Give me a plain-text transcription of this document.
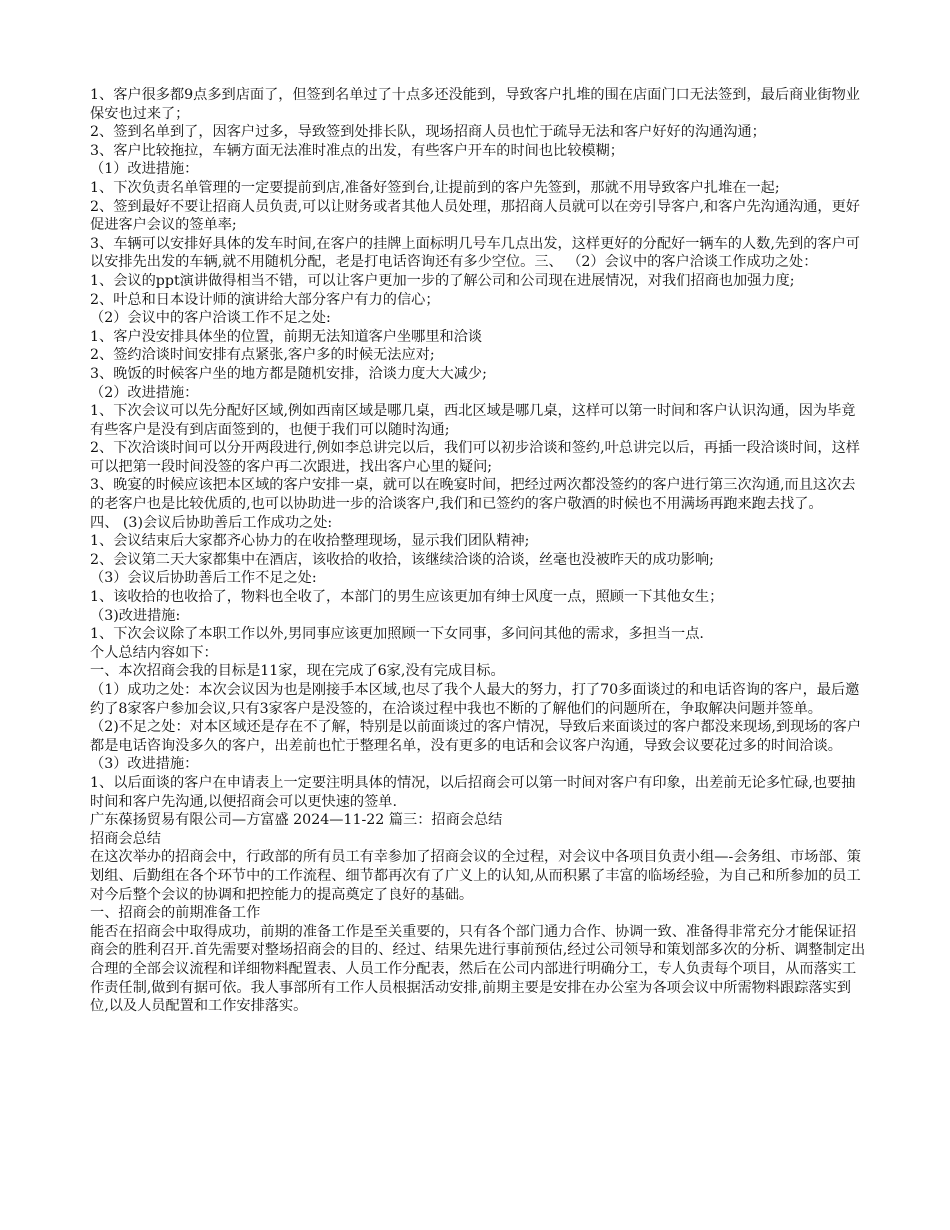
1、客户很多都9点多到店面了，但签到名单过了十点多还没能到，导致客户扎堆的围在店面门口无法签到，最后商业街物业保安也过来了；

2、签到名单到了，因客户过多，导致签到处排长队，现场招商人员也忙于疏导无法和客户好好的沟通沟通；

3、客户比较拖拉，车辆方面无法准时准点的出发，有些客户开车的时间也比较模糊；

（1）改进措施：

1、下次负责名单管理的一定要提前到店,准备好签到台,让提前到的客户先签到，那就不用导致客户扎堆在一起;

2、签到最好不要让招商人员负责,可以让财务或者其他人员处理，那招商人员就可以在旁引导客户,和客户先沟通沟通，更好促进客户会议的签单率;

3、车辆可以安排好具体的发车时间,在客户的挂牌上面标明几号车几点出发，这样更好的分配好一辆车的人数,先到的客户可以安排先出发的车辆,就不用随机分配，老是打电话咨询还有多少空位。三、 （2）会议中的客户洽谈工作成功之处：

1、会议的ppt演讲做得相当不错，可以让客户更加一步的了解公司和公司现在进展情况，对我们招商也加强力度;

2、叶总和日本设计师的演讲给大部分客户有力的信心；

（2）会议中的客户洽谈工作不足之处:

1、客户没安排具体坐的位置，前期无法知道客户坐哪里和洽谈

2、签约洽谈时间安排有点紧张,客户多的时候无法应对;

3、晚饭的时候客户坐的地方都是随机安排，洽谈力度大大减少;

（2）改进措施：

1、下次会议可以先分配好区域,例如西南区域是哪几桌，西北区域是哪几桌，这样可以第一时间和客户认识沟通，因为毕竟有些客户是没有到店面签到的，也便于我们可以随时沟通;

2、下次洽谈时间可以分开两段进行,例如李总讲完以后，我们可以初步洽谈和签约,叶总讲完以后，再插一段洽谈时间，这样可以把第一段时间没签的客户再二次跟进，找出客户心里的疑问;

3、晚宴的时候应该把本区域的客户安排一桌，就可以在晚宴时间，把经过两次都没签约的客户进行第三次沟通,而且这次去的老客户也是比较优质的,也可以协助进一步的洽谈客户,我们和已签约的客户敬酒的时候也不用满场再跑来跑去找了。

四、 (3)会议后协助善后工作成功之处:

1、会议结束后大家都齐心协力的在收拾整理现场，显示我们团队精神;

2、会议第二天大家都集中在酒店，该收拾的收拾，该继续洽谈的洽谈，丝毫也没被昨天的成功影响;

（3）会议后协助善后工作不足之处:

1、该收拾的也收拾了，物料也全收了，本部门的男生应该更加有绅士风度一点，照顾一下其他女生；

（3)改进措施:

1、下次会议除了本职工作以外,男同事应该更加照顾一下女同事，多问问其他的需求，多担当一点.

个人总结内容如下：

一、本次招商会我的目标是11家，现在完成了6家,没有完成目标。

（1）成功之处：本次会议因为也是刚接手本区域,也尽了我个人最大的努力，打了70多面谈过的和电话咨询的客户，最后邀约了8家客户参加会议,只有3家客户是没签的，在洽谈过程中我也不断的了解他们的问题所在，争取解决问题并签单。

（2)不足之处：对本区域还是存在不了解，特别是以前面谈过的客户情况，导致后来面谈过的客户都没来现场,到现场的客户都是电话咨询没多久的客户，出差前也忙于整理名单，没有更多的电话和会议客户沟通，导致会议要花过多的时间洽谈。

（3）改进措施：

1、以后面谈的客户在申请表上一定要注明具体的情况，以后招商会可以第一时间对客户有印象，出差前无论多忙碌,也要抽时间和客户先沟通,以便招商会可以更快速的签单.

广东葆扬贸易有限公司—方富盛 2024—11-22 篇三：招商会总结

招商会总结

在这次举办的招商会中，行政部的所有员工有幸参加了招商会议的全过程，对会议中各项目负责小组—-会务组、市场部、策划组、后勤组在各个环节中的工作流程、细节都再次有了广义上的认知,从而积累了丰富的临场经验，为自己和所参加的员工对今后整个会议的协调和把控能力的提高奠定了良好的基础。

一、招商会的前期准备工作

能否在招商会中取得成功，前期的准备工作是至关重要的，只有各个部门通力合作、协调一致、准备得非常充分才能保证招商会的胜利召开.首先需要对整场招商会的目的、经过、结果先进行事前预估,经过公司领导和策划部多次的分析、调整制定出合理的全部会议流程和详细物料配置表、人员工作分配表，然后在公司内部进行明确分工，专人负责每个项目，从而落实工作责任制,做到有据可依。我人事部所有工作人员根据活动安排,前期主要是安排在办公室为各项会议中所需物料跟踪落实到位,以及人员配置和工作安排落实。
